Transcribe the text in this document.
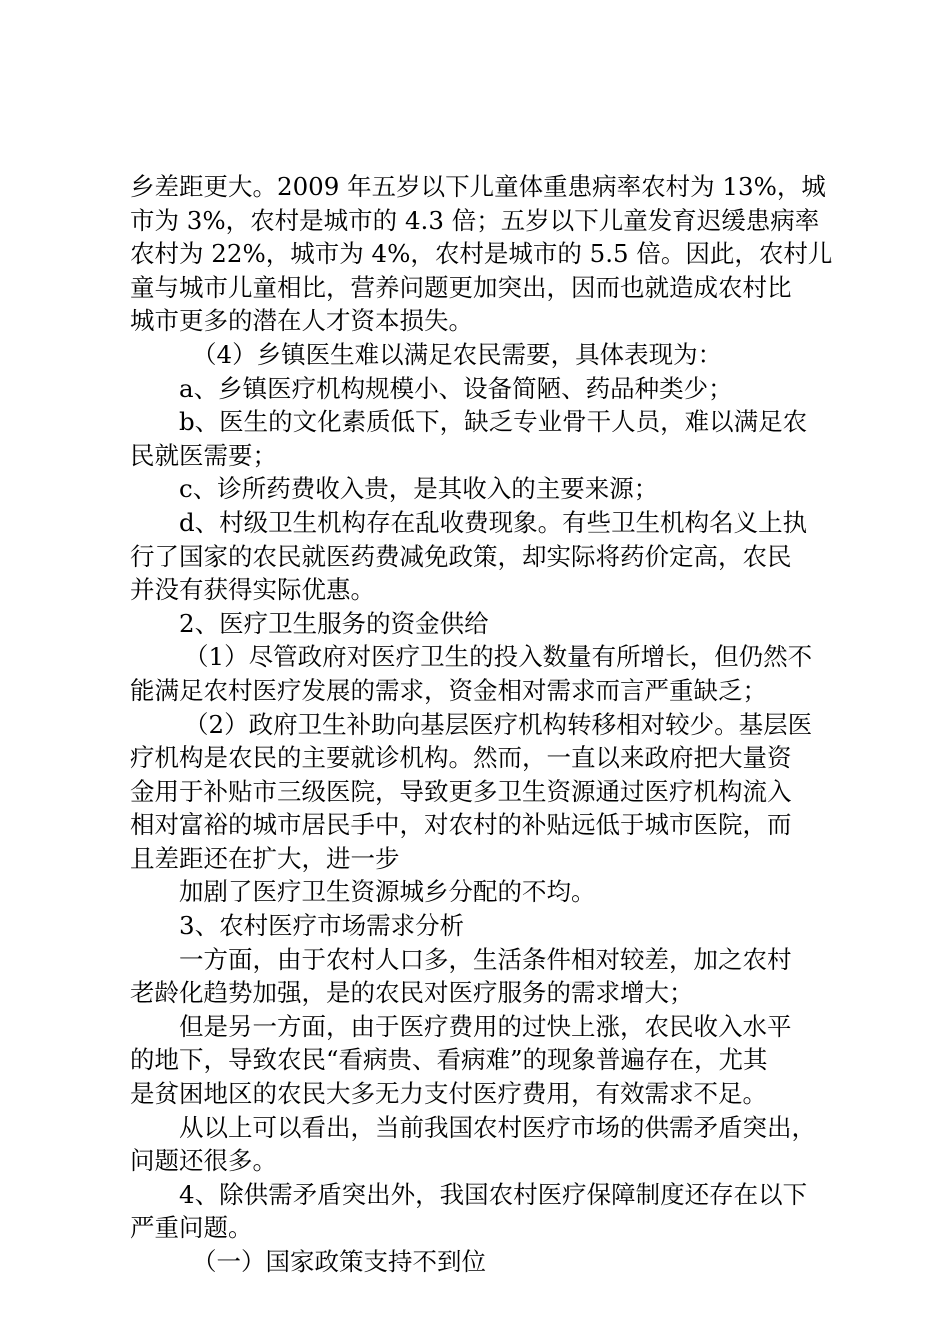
乡差距更大。2009 年五岁以下儿童体重患病率农村为 13%，城
市为 3%，农村是城市的 4.3 倍；五岁以下儿童发育迟缓患病率
农村为 22%，城市为 4%，农村是城市的 5.5 倍。因此，农村儿
童与城市儿童相比，营养问题更加突出，因而也就造成农村比
城市更多的潜在人才资本损失。
（4）乡镇医生难以满足农民需要，具体表现为：
a、乡镇医疗机构规模小、设备简陋、药品种类少；
b、医生的文化素质低下，缺乏专业骨干人员，难以满足农
民就医需要；
c、诊所药费收入贵，是其收入的主要来源；
d、村级卫生机构存在乱收费现象。有些卫生机构名义上执
行了国家的农民就医药费减免政策，却实际将药价定高，农民
并没有获得实际优惠。
2、医疗卫生服务的资金供给
（1）尽管政府对医疗卫生的投入数量有所增长，但仍然不
能满足农村医疗发展的需求，资金相对需求而言严重缺乏；
（2）政府卫生补助向基层医疗机构转移相对较少。基层医
疗机构是农民的主要就诊机构。然而，一直以来政府把大量资
金用于补贴市三级医院，导致更多卫生资源通过医疗机构流入
相对富裕的城市居民手中，对农村的补贴远低于城市医院，而
且差距还在扩大，进一步
加剧了医疗卫生资源城乡分配的不均。
3、农村医疗市场需求分析
一方面，由于农村人口多，生活条件相对较差，加之农村
老龄化趋势加强，是的农民对医疗服务的需求增大；
但是另一方面，由于医疗费用的过快上涨，农民收入水平
的地下，导致农民“看病贵、看病难”的现象普遍存在，尤其
是贫困地区的农民大多无力支付医疗费用，有效需求不足。
从以上可以看出，当前我国农村医疗市场的供需矛盾突出，
问题还很多。
4、除供需矛盾突出外，我国农村医疗保障制度还存在以下
严重问题。
（一）国家政策支持不到位
